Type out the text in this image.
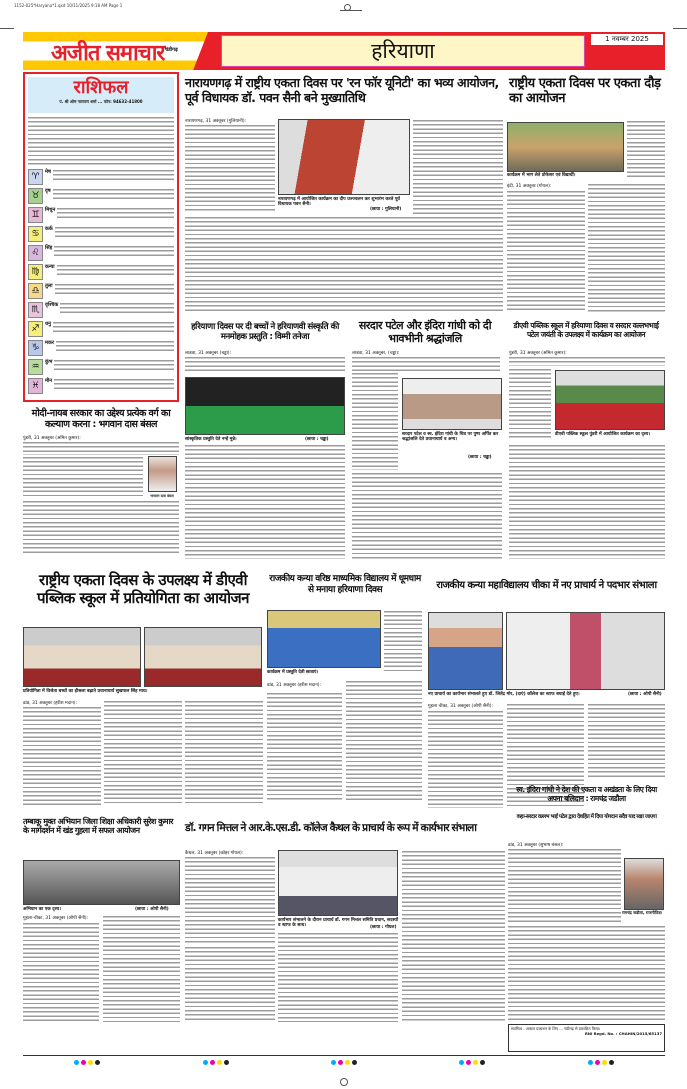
1152-025*Haryana*1.qxd 10/11/2025 9:18 AM Page 1
अजीत समाचार चंडीगढ़	हरियाणा	1 नवम्बर 2025
राशिफल
पं. श्री ओम नारायण शर्मा ... फोन: 94632-41800
♈	मेष
♉	वृष
♊	मिथुन
♋	कर्क
♌	सिंह
♍	कन्या
♎	तुला
♏	वृश्चिक
♐	धनु
♑	मकर
♒	कुंभ
♓	मीन
नारायणगढ़ में राष्ट्रीय एकता दिवस पर 'रन फॉर यूनिटी' का भव्य आयोजन, पूर्व विधायक डॉ. पवन सैनी बने मुख्यातिथि
नारायणगढ़, 31 अक्तूबर (गुलियानी):
नारायणगढ़ में आयोजित कार्यक्रम का दीप प्रज्ज्वलन कर शुभारंभ करते पूर्व विधायक पवन सैनी।
(छाया : गुलियानी)
राष्ट्रीय एकता दिवस पर एकता दौड़ का आयोजन
कार्यक्रम में भाग लेते प्रोफेसर एवं विद्यार्थी।
इंद्री, 31 अक्तूबर (गोयल):
मोदी-नायब सरकार का उद्देश्य प्रत्येक वर्ग का कल्याण करना : भगवान दास बंसल
पुंडरी, 31 अक्तूबर (अमित कुमार):
भगवान दास बंसल
हरियाणा दिवस पर दी बच्चों ने हरियाणवी संस्कृति की मनमोहक प्रस्तुति : विम्मी तनेजा
लाडवा, 31 अक्तूबर (चड्ढा):
सांस्कृतिक प्रस्तुति देते नन्हें मुन्ने।	(छाया : चड्ढा)
सरदार पटेल और इंदिरा गांधी को दी भावभीनी श्रद्धांजलि
लाडवा, 31 अक्तूबर, (चड्ढा):
सरदार पटेल व स्व. इंदिरा गांधी के चित्र पर पुष्प अर्पित कर श्रद्धांजलि देते प्रधानाचार्य व अन्य।
(छाया : चड्ढा)
डीएवी पब्लिक स्कूल में हरियाणा दिवस व सरदार वल्लभभाई पटेल जयंती के उपलक्ष्य में कार्यक्रम का आयोजन
पुंडरी, 31 अक्तूबर (अमित कुमार):
डीएवी पब्लिक स्कूल पुंडरी में आयोजित कार्यक्रम का दृश्य।
राष्ट्रीय एकता दिवस के उपलक्ष्य में डीएवी पब्लिक स्कूल में प्रतियोगिता का आयोजन
प्रतियोगिता में विजेता बच्चों का हौसला बढ़ाते प्रधानाचार्य सुखपाल सिंह माथ।
ढांड, 31 अक्तूबर (हरीश मदान):
राजकीय कन्या वरिष्ठ माध्यमिक विद्यालय में धूमधाम से मनाया हरियाणा दिवस
कार्यक्रम में प्रस्तुति देती छात्राएं।
ढांड, 31 अक्तूबर (हरीश मदान):
राजकीय कन्या महाविद्यालय चीका में नए प्राचार्य ने पदभार संभाला
नए प्राचार्य का कार्यभार संभालते हुए डॉ. जितेंद्र मोर, (दाएं) कॉलेज का स्टाफ बधाई देते हुए।	(छाया : ओपी सैनी)
गुहला चीका, 31 अक्तूबर (ओपी सैनी):
स्व. इंदिरा गांधी ने देश की एकता व अखंडता के लिए दिया अपना बलिदान : रामचंद्र जडौला
कहा-सरदार वल्लभ भाई पटेल द्वारा देशहित में दिया योगदान सदैव याद रखा जाएगा
तम्बाकू मुक्त अभियान जिला शिक्षा अधिकारी सुरेश कुमार के मार्गदर्शन में खंड गुहला में सफल आयोजन
अभियान का एक दृश्य।	(छाया : ओपी सैनी)
गुहला-चीका, 31 अक्तूबर (ओपी सैनी):
डॉ. गगन मित्तल ने आर.के.एस.डी. कॉलेज कैथल के प्राचार्य के रूप में कार्यभार संभाला
कैथल, 31 अक्तूबर (कोहर गोयल):
कार्यभार संभालने के दौरान प्राचार्य डॉ. गगन मित्तल समिति प्रधान, सदस्यों व स्टाफ के साथ।	(छाया : गोयल)
ढांड, 31 अक्तूबर (सुभाष बंसल):
रामचंद्र जडौला, राजनीतिज्ञ।
स्वामित्व - अकाल प्रकाशन के लिए ... चंडीगढ़ से प्रकाशित किया।
RNI Regd. No. : CHAHIN/2015/65137
